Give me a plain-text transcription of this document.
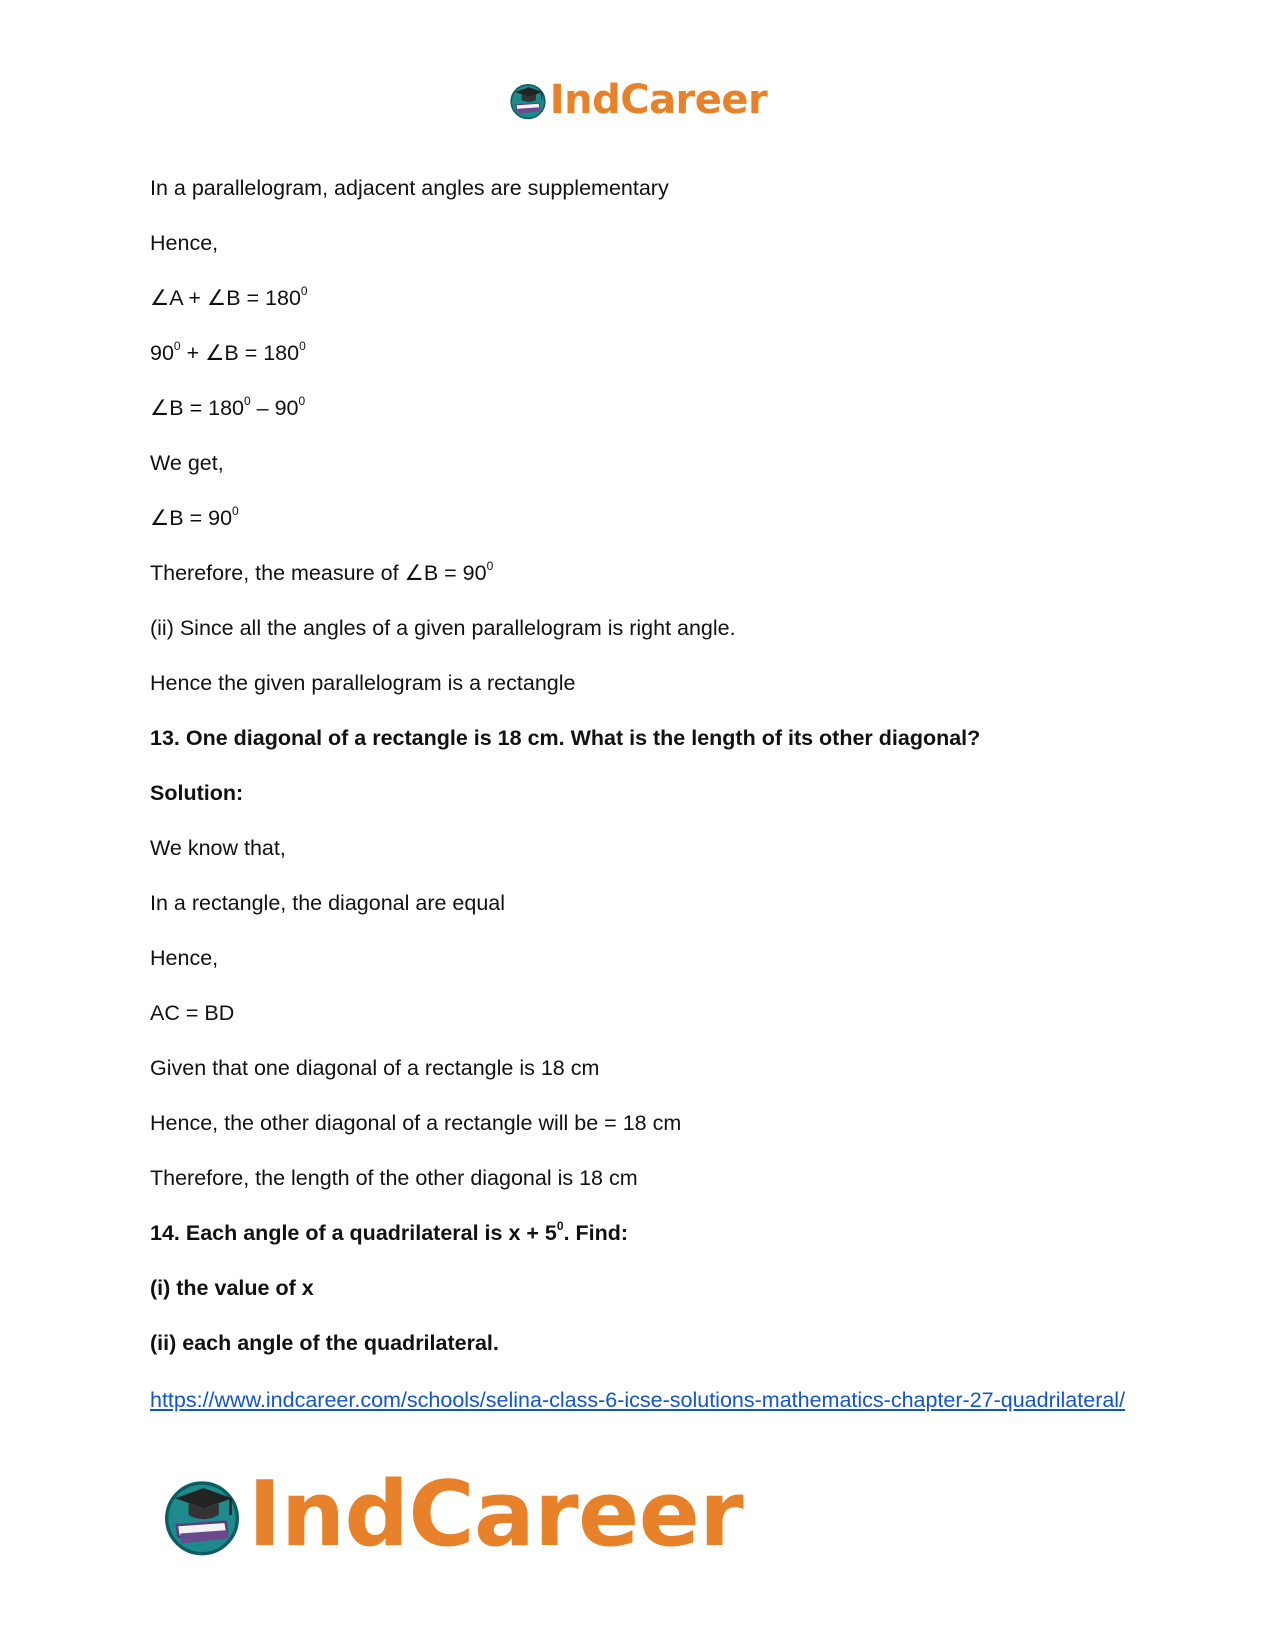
IndCareer
In a parallelogram, adjacent angles are supplementary
Hence,
∠A + ∠B = $180^0$
$90^0$ + ∠B = $180^0$
∠B = $180^0 - 90^0$
We get,
∠B = $90^0$
Therefore, the measure of ∠B = $90^0$
(ii) Since all the angles of a given parallelogram is right angle.
Hence the given parallelogram is a rectangle
13. One diagonal of a rectangle is 18 cm. What is the length of its other diagonal?
Solution:
We know that,
In a rectangle, the diagonal are equal
Hence,
AC = BD
Given that one diagonal of a rectangle is 18 cm
Hence, the other diagonal of a rectangle will be = 18 cm
Therefore, the length of the other diagonal is 18 cm
14. Each angle of a quadrilateral is $x + 5^0$. Find:
(i) the value of x
(ii) each angle of the quadrilateral.
https://www.indcareer.com/schools/selina-class-6-icse-solutions-mathematics-chapter-27-quadrilateral/
IndCareer
